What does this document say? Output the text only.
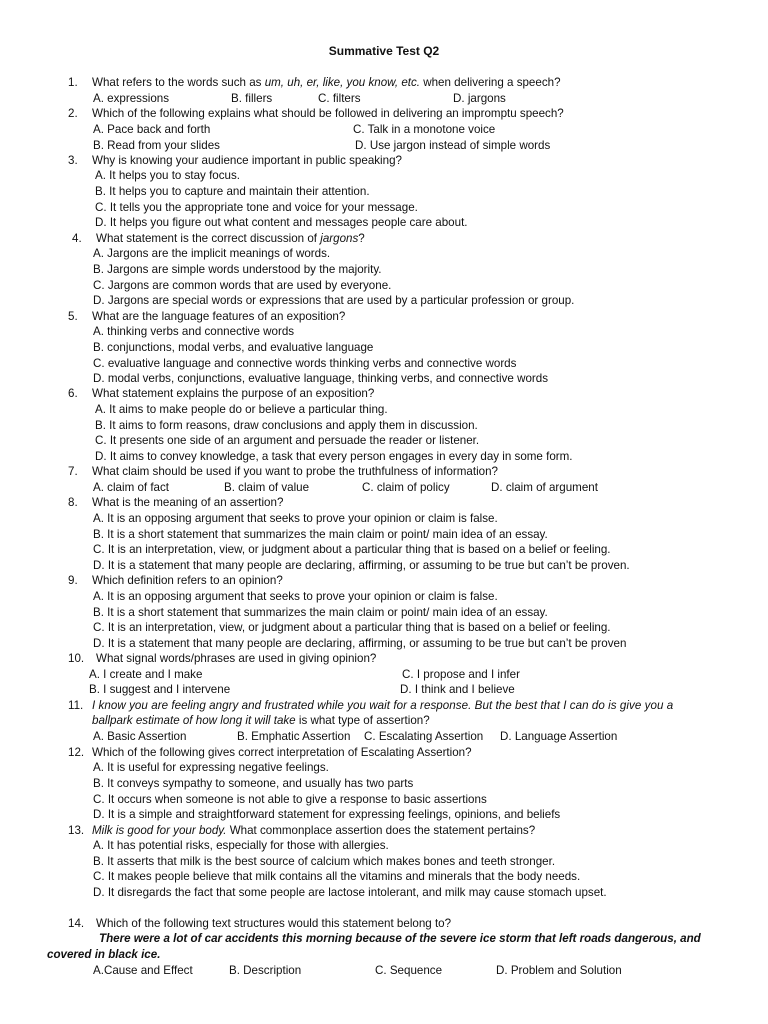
Summative Test Q2
1. What refers to the words such as um, uh, er, like, you know, etc. when delivering a speech?
A. expressions	B. fillers	C. filters	D. jargons
2. Which of the following explains what should be followed in delivering an impromptu speech?
A. Pace back and forth	C. Talk in a monotone voice
B. Read from your slides	D. Use jargon instead of simple words
3. Why is knowing your audience important in public speaking?
A. It helps you to stay focus.
B. It helps you to capture and maintain their attention.
C. It tells you the appropriate tone and voice for your message.
D. It helps you figure out what content and messages people care about.
4. What statement is the correct discussion of jargons?
A. Jargons are the implicit meanings of words.
B. Jargons are simple words understood by the majority.
C. Jargons are common words that are used by everyone.
D. Jargons are special words or expressions that are used by a particular profession or group.
5. What are the language features of an exposition?
A. thinking verbs and connective words
B. conjunctions, modal verbs, and evaluative language
C. evaluative language and connective words thinking verbs and connective words
D. modal verbs, conjunctions, evaluative language, thinking verbs, and connective words
6. What statement explains the purpose of an exposition?
A. It aims to make people do or believe a particular thing.
B. It aims to form reasons, draw conclusions and apply them in discussion.
C. It presents one side of an argument and persuade the reader or listener.
D. It aims to convey knowledge, a task that every person engages in every day in some form.
7. What claim should be used if you want to probe the truthfulness of information?
A. claim of fact	B. claim of value	C. claim of policy	D. claim of argument
8. What is the meaning of an assertion?
A. It is an opposing argument that seeks to prove your opinion or claim is false.
B. It is a short statement that summarizes the main claim or point/ main idea of an essay.
C. It is an interpretation, view, or judgment about a particular thing that is based on a belief or feeling.
D. It is a statement that many people are declaring, affirming, or assuming to be true but can’t be proven.
9. Which definition refers to an opinion?
A. It is an opposing argument that seeks to prove your opinion or claim is false.
B. It is a short statement that summarizes the main claim or point/ main idea of an essay.
C. It is an interpretation, view, or judgment about a particular thing that is based on a belief or feeling.
D. It is a statement that many people are declaring, affirming, or assuming to be true but can’t be proven
10. What signal words/phrases are used in giving opinion?
A. I create and I make	C. I propose and I infer
B. I suggest and I intervene	D. I think and I believe
11. I know you are feeling angry and frustrated while you wait for a response. But the best that I can do is give you a
ballpark estimate of how long it will take is what type of assertion?
A. Basic Assertion	B. Emphatic Assertion C. Escalating Assertion D. Language Assertion
12. Which of the following gives correct interpretation of Escalating Assertion?
A. It is useful for expressing negative feelings.
B. It conveys sympathy to someone, and usually has two parts
C. It occurs when someone is not able to give a response to basic assertions
D. It is a simple and straightforward statement for expressing feelings, opinions, and beliefs
13. Milk is good for your body. What commonplace assertion does the statement pertains?
A. It has potential risks, especially for those with allergies.
B. It asserts that milk is the best source of calcium which makes bones and teeth stronger.
C. It makes people believe that milk contains all the vitamins and minerals that the body needs.
D. It disregards the fact that some people are lactose intolerant, and milk may cause stomach upset.
14. Which of the following text structures would this statement belong to?
There were a lot of car accidents this morning because of the severe ice storm that left roads dangerous, and
covered in black ice.
A.Cause and Effect	B. Description	C. Sequence	D. Problem and Solution
